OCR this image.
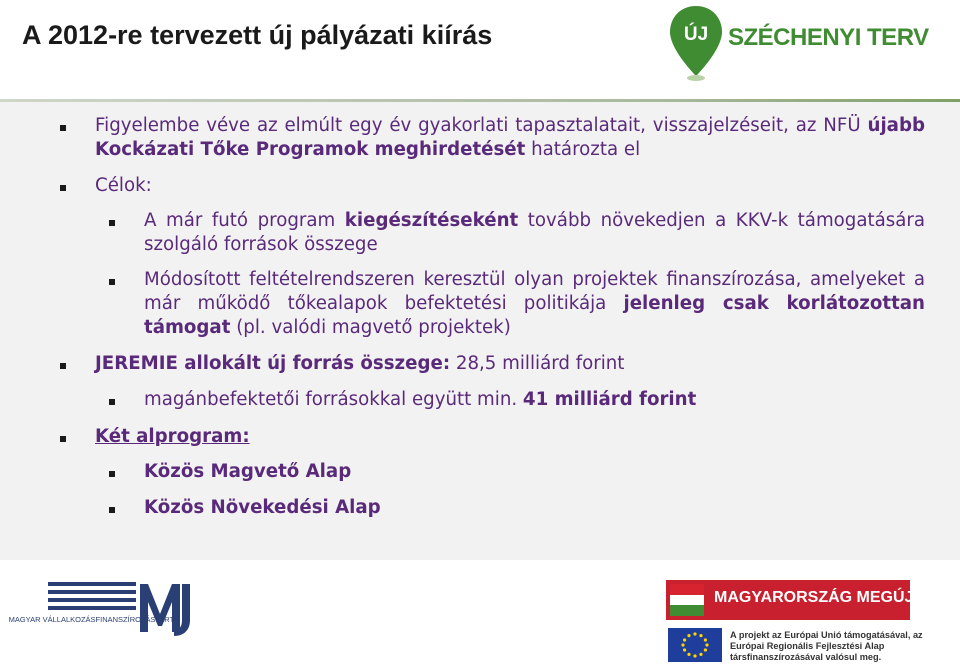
A 2012-re tervezett új pályázati kiírás	ÚJ SZÉCHENYI TERV
Figyelembe véve az elmúlt egy év gyakorlati tapasztalatait, visszajelzéseit, az NFÜ újabb Kockázati Tőke Programok meghirdetését határozta el
Célok:
A már futó program kiegészítéseként tovább növekedjen a KKV-k támogatására szolgáló források összege
Módosított feltételrendszeren keresztül olyan projektek finanszírozása, amelyeket a már működő tőkealapok befektetési politikája jelenleg csak korlátozottan támogat (pl. valódi magvető projektek)
JEREMIE allokált új forrás összege: 28,5 milliárd forint
magánbefektetői forrásokkal együtt min. 41 milliárd forint
Két alprogram:
Közös Magvető Alap
Közös Növekedési Alap
MAGYAR VÁLLALKOZÁSFINANSZÍROZÁSI ZRT.
MAGYARORSZÁG MEGÚJUL
A projekt az Európai Unió támogatásával, az Európai Regionális Fejlesztési Alap társfinanszírozásával valósul meg.
